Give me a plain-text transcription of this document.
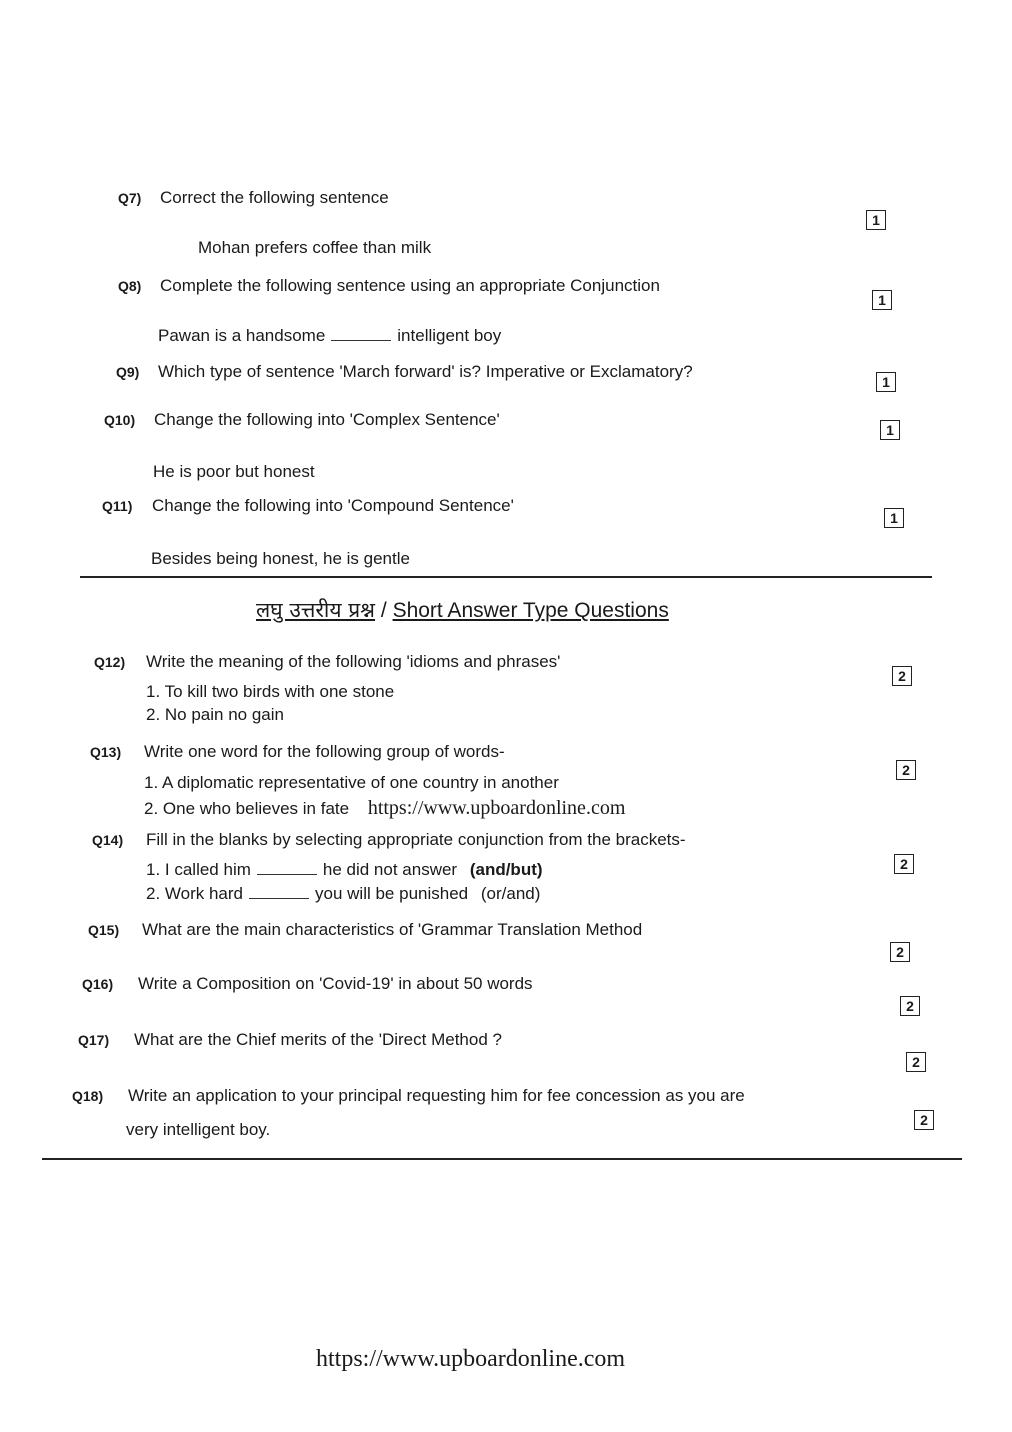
Q7) Correct the following sentence
1
Mohan prefers coffee than milk
Q8) Complete the following sentence using an appropriate Conjunction
1
Pawan is a handsome	intelligent boy
Q9) Which type of sentence 'March forward' is? Imperative or Exclamatory?
1
Q10) Change the following into 'Complex Sentence'
1
He is poor but honest
Q11) Change the following into 'Compound Sentence'
1
Besides being honest, he is gentle
लघु उत्तरीय प्रश्न / Short Answer Type Questions
Q12) Write the meaning of the following 'idioms and phrases'
2
1. To kill two birds with one stone
2. No pain no gain
Q13) Write one word for the following group of words-
2
1. A diplomatic representative of one country in another
2. One who believes in fate https://www.upboardonline.com
Q14) Fill in the blanks by selecting appropriate conjunction from the brackets-
2
1. I called him	he did not answer (and/but)
2. Work hard	you will be punished (or/and)
Q15) What are the main characteristics of 'Grammar Translation Method
2
Q16) Write a Composition on 'Covid-19' in about 50 words
2
Q17) What are the Chief merits of the 'Direct Method ?
2
Q18) Write an application to your principal requesting him for fee concession as you are
very intelligent boy.	2
https://www.upboardonline.com
